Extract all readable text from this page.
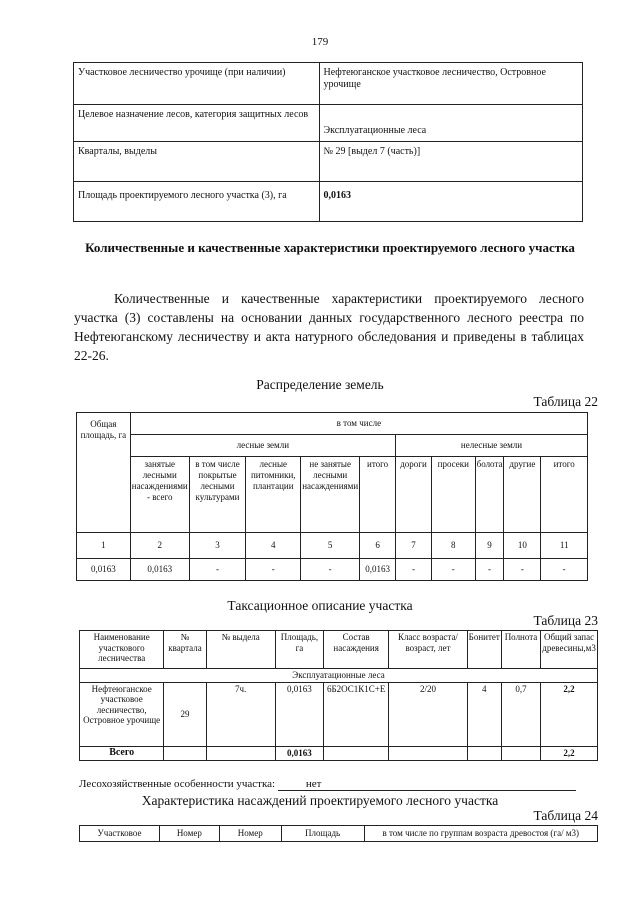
179
Участковое лесничество урочище (при наличии)	Нефтеюганское участковое лесничество, Островное урочище
Целевое назначение лесов, категория защитных лесов	Эксплуатационные леса
Кварталы, выделы	№ 29 [выдел 7 (часть)]
Площадь проектируемого лесного участка (3), га	0,0163
Количественные и качественные характеристики проектируемого лесного участка
Количественные и качественные характеристики проектируемого лесного участка (3) составлены на основании данных государственного лесного реестра по Нефтеюганскому лесничеству и акта натурного обследования и приведены в таблицах 22-26.
Распределение земель
Таблица 22
Общая площадь, га	в том числе									
	лесные земли					нелесные земли				
	занятые лесными насаждениями - всего	в том числе покрытые лесными культурами	лесные питомники, плантации	не занятые лесными насаждениями	итого	дороги	просеки	болота	другие	итого
1	2	3	4	5	6	7	8	9	10	11
0,0163	0,0163	-	-	-	0,0163	-	-	-	-	-
Таксационное описание участка
Таблица 23
Наименование участкового лесничества	№ квартала	№ выдела	Площадь, га	Состав насаждения	Класс возраста/ возраст, лет	Бонитет	Полнота	Общий запас древесины,м3
Эксплуатационные леса								
Нефтеюганское участковое лесничество, Островное урочище	29	7ч.	0,0163	6Б2ОС1К1С+Е	2/20	4	0,7	2,2
Всего			0,0163					2,2
Лесохозяйственные особенности участка:	нет
Характеристика насаждений проектируемого лесного участка
Таблица 24
Участковое	Номер	Номер	Площадь	в том числе по группам возраста древостоя (га/ м3)
